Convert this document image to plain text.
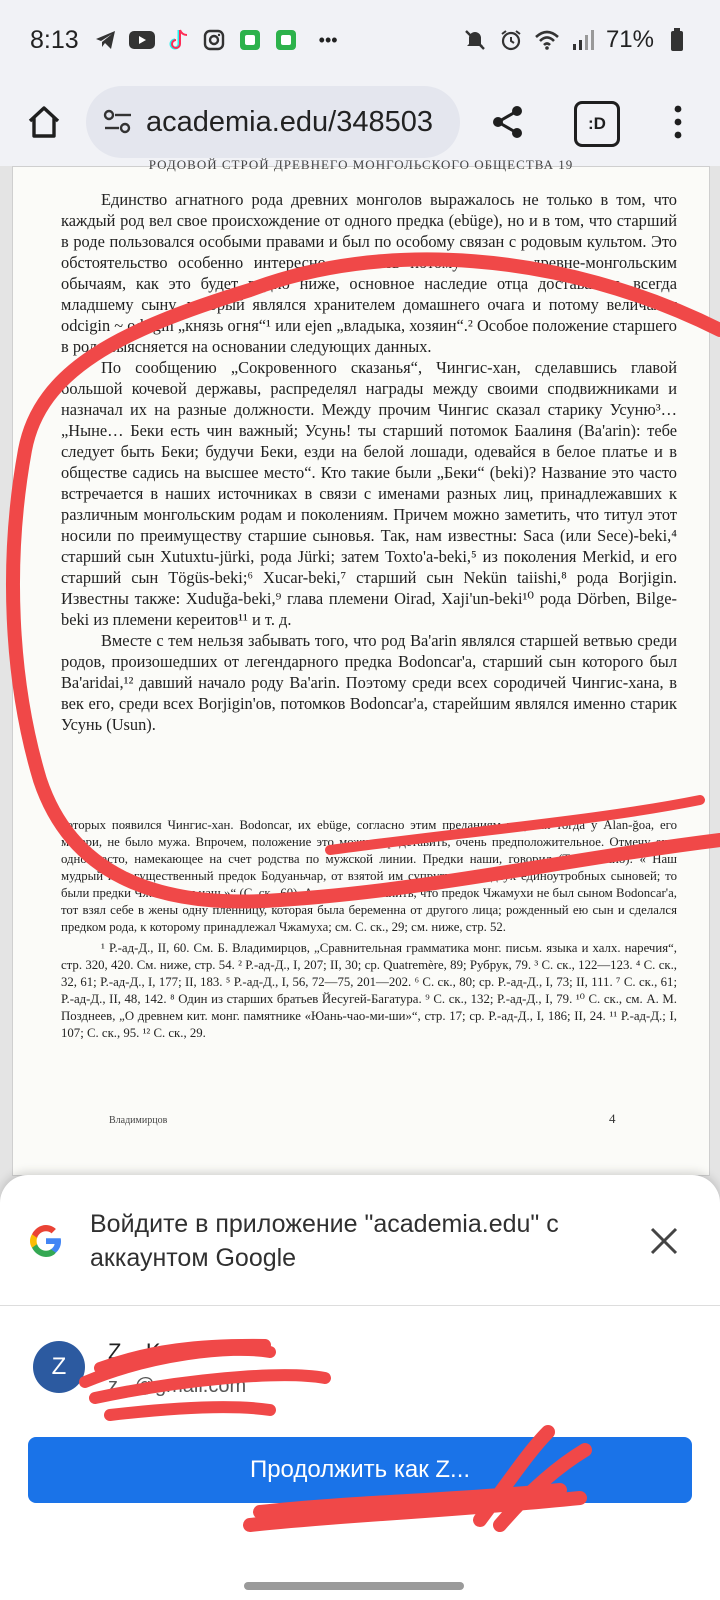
8:13	•••	71%
academia.edu/348503	:D
РОДОВОЙ СТРОЙ ДРЕВНЕГО МОНГОЛЬСКОГО ОБЩЕСТВА 19

Единство агнатного рода древних монголов выражалось не только в том, что каждый род вел свое происхождение от одного предка (ebüge), но и в том, что старший в роде пользовался особыми правами и был по особому связан с родовым культом. Это обстоятельство особенно интересно отметить потому что по древне-монгольским обычаям, как это будет видно ниже, основное наследие отца доставалось всегда младшему сыну, который являлся хранителем домашнего очага и потому величался odcigin ~ odjigin „князь огня“¹ или ejen „владыка, хозяин“.² Особое положение старшего в роде выясняется на основании следующих данных.

По сообщению „Сокровенного сказанья“, Чингис-хан, сделавшись главой большой кочевой державы, распределял награды между своими сподвижниками и назначал их на разные должности. Между прочим Чингис сказал старику Усуню³… „Ныне… Беки есть чин важный; Усунь! ты старший потомок Баалиня (Ba'arin): тебе следует быть Беки; будучи Беки, езди на белой лошади, одевайся в белое платье и в обществе садись на высшее место“. Кто такие были „Беки“ (beki)? Название это часто встречается в наших источниках в связи с именами разных лиц, принадлежавших к различным монгольским родам и поколениям. Причем можно заметить, что титул этот носили по преимуществу старшие сыновья. Так, нам известны: Saca (или Sece)-beki,⁴ старший сын Xutuxtu-jürki, рода Jürki; затем Toxto'a-beki,⁵ из поколения Merkid, и его старший сын Tögüs-beki;⁶ Xucar-beki,⁷ старший сын Nekün taiishi,⁸ рода Borjigin. Известны также: Xuduğa-beki,⁹ глава племени Oirad, Xaji'un-beki¹⁰ рода Dörben, Bilge-beki из племени кереитов¹¹ и т. д.

Вместе с тем нельзя забывать того, что род Ba'arin являлся старшей ветвью среди родов, произошедших от легендарного предка Bodoncar'a, старший сын которого был Ba'aridai,¹² давший начало роду Ba'arin. Поэтому среди всех сородичей Чингис-хана, в век его, среди всех Borjigin'ов, потомков Bodoncar'a, старейшим являлся именно старик Усунь (Usun).

которых появился Чингис-хан. Bodoncar, их ebüge, согласно этим преданиям родился тогда у Alan-ğoa, его матери, не было мужа. Впрочем, положение это можно представить, очень предположительное. Отмечу еще одно место, намекающее на счет родства по мужской линии. Предки наши, говорил (Темучжино): « Наш мудрый и могущественный предок Бодуаньчар, от взятой им супруги, имел двух единоутробных сыновей; то были предки Чжамухи и наш »“ (С. ск., 60). А нужно напомнить, что предок Чжамухи не был сыном Bodoncar'a, тот взял себе в жены одну пленницу, которая была беременна от другого лица; рожденный ею сын и сделался предком рода, к которому принадлежал Чжамуха; см. С. ск., 29; см. ниже, стр. 52.

¹ Р.-ад-Д., II, 60. См. Б. Владимирцов, „Сравнительная грамматика монг. письм. языка и халх. наречия“, стр. 320, 420. См. ниже, стр. 54. ² Р.-ад-Д., I, 207; II, 30; ср. Quatremère, 89; Рубрук, 79. ³ С. ск., 122—123. ⁴ С. ск., 32, 61; Р.-ад-Д., I, 177; II, 183. ⁵ Р.-ад-Д., I, 56, 72—75, 201—202. ⁶ С. ск., 80; ср. Р.-ад-Д., I, 73; II, 111. ⁷ С. ск., 61; Р.-ад-Д., II, 48, 142. ⁸ Один из старших братьев Йесугей-Багатура. ⁹ С. ск., 132; Р.-ад-Д., I, 79. ¹⁰ С. ск., см. А. М. Позднеев, „О древнем кит. монг. памятнике «Юань-чао-ми-ши»“, стр. 17; ср. Р.-ад-Д., I, 186; II, 24. ¹¹ Р.-ад-Д.; I, 107; С. ск., 95. ¹² С. ск., 29.

Владимирцов	4
Войдите в приложение "academia.edu" с аккаунтом Google
Z
Z... K...
z...@gmail.com
Продолжить как Z...
